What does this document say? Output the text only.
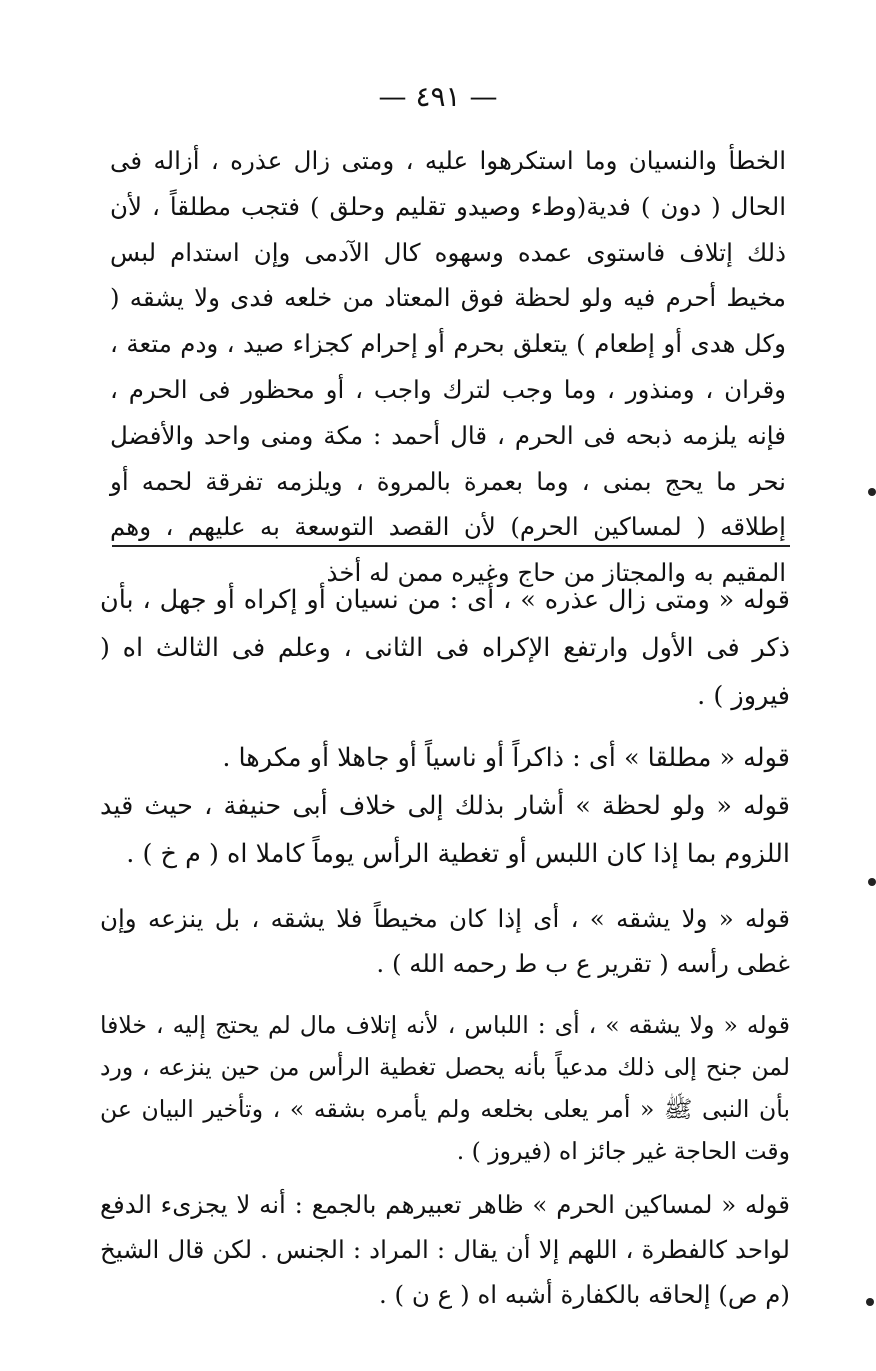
— ٤٩١ —

الخطأ والنسيان وما استكرهوا عليه ، ومتى زال عذره ، أزاله فى الحال ( دون ) فدية(وطء وصيدو تقليم وحلق ) فتجب مطلقاً ، لأن ذلك إتلاف فاستوى عمده وسهوه كال الآدمى وإن استدام لبس مخيط أحرم فيه ولو لحظة فوق المعتاد من خلعه فدى ولا يشقه ( وكل هدى أو إطعام ) يتعلق بحرم أو إحرام كجزاء صيد ، ودم متعة ، وقران ، ومنذور ، وما وجب لترك واجب ، أو محظور فى الحرم ، فإنه يلزمه ذبحه فى الحرم ، قال أحمد : مكة ومنى واحد والأفضل نحر ما يحج بمنى ، وما بعمرة بالمروة ، ويلزمه تفرقة لحمه أو إطلاقه ( لمساكين الحرم) لأن القصد التوسعة به عليهم ، وهم المقيم به والمجتاز من حاج وغيره ممن له أخذ

قوله « ومتى زال عذره » ، أى : من نسيان أو إكراه أو جهل ، بأن ذكر فى الأول وارتفع الإكراه فى الثانى ، وعلم فى الثالث اه ( فيروز ) .

قوله « مطلقا » أى : ذاكراً أو ناسياً أو جاهلا أو مكرها .

قوله « ولو لحظة » أشار بذلك إلى خلاف أبى حنيفة ، حيث قيد اللزوم بما إذا كان اللبس أو تغطية الرأس يوماً كاملا اه ( م خ ) .

قوله « ولا يشقه » ، أى إذا كان مخيطاً فلا يشقه ، بل ينزعه وإن غطى رأسه ( تقرير ع ب ط رحمه الله ) .

قوله « ولا يشقه » ، أى : اللباس ، لأنه إتلاف مال لم يحتج إليه ، خلافا لمن جنح إلى ذلك مدعياً بأنه يحصل تغطية الرأس من حين ينزعه ، ورد بأن النبى ﷺ « أمر يعلى بخلعه ولم يأمره بشقه » ، وتأخير البيان عن وقت الحاجة غير جائز اه (فيروز ) .

قوله « لمساكين الحرم » ظاهر تعبيرهم بالجمع : أنه لا يجزىء الدفع لواحد كالفطرة ، اللهم إلا أن يقال : المراد : الجنس . لكن قال الشيخ (م ص) إلحاقه بالكفارة أشبه اه ( ع ن ) .
